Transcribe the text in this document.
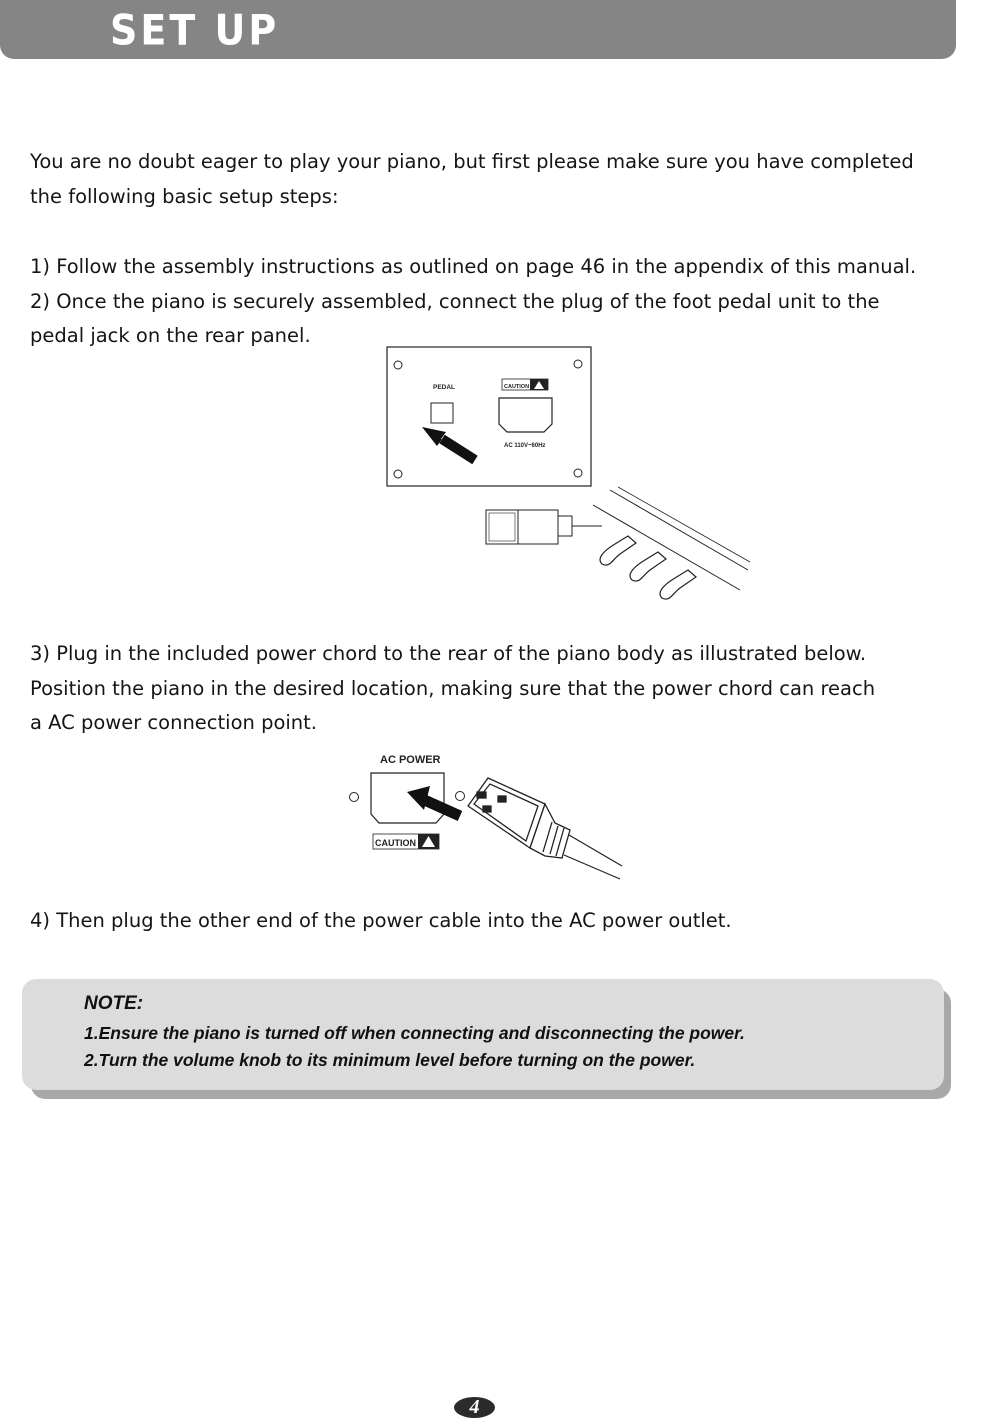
SET UP

You are no doubt eager to play your piano, but first please make sure you have completed
the following basic setup steps:

1) Follow the assembly instructions as outlined on page 46 in the appendix of this manual.
2) Once the piano is securely assembled, connect the plug of the foot pedal unit to the
pedal jack on the rear panel.

PEDAL	CAUTION
AC 110V~60Hz

3) Plug in the included power chord to the rear of the piano body as illustrated below.
Position the piano in the desired location, making sure that the power chord can reach
a AC power connection point.

AC POWER
CAUTION

4) Then plug the other end of the power cable into the AC power outlet.

NOTE:
1.Ensure the piano is turned off when connecting and disconnecting the power.
2.Turn the volume knob to its minimum level before turning on the power.
4
